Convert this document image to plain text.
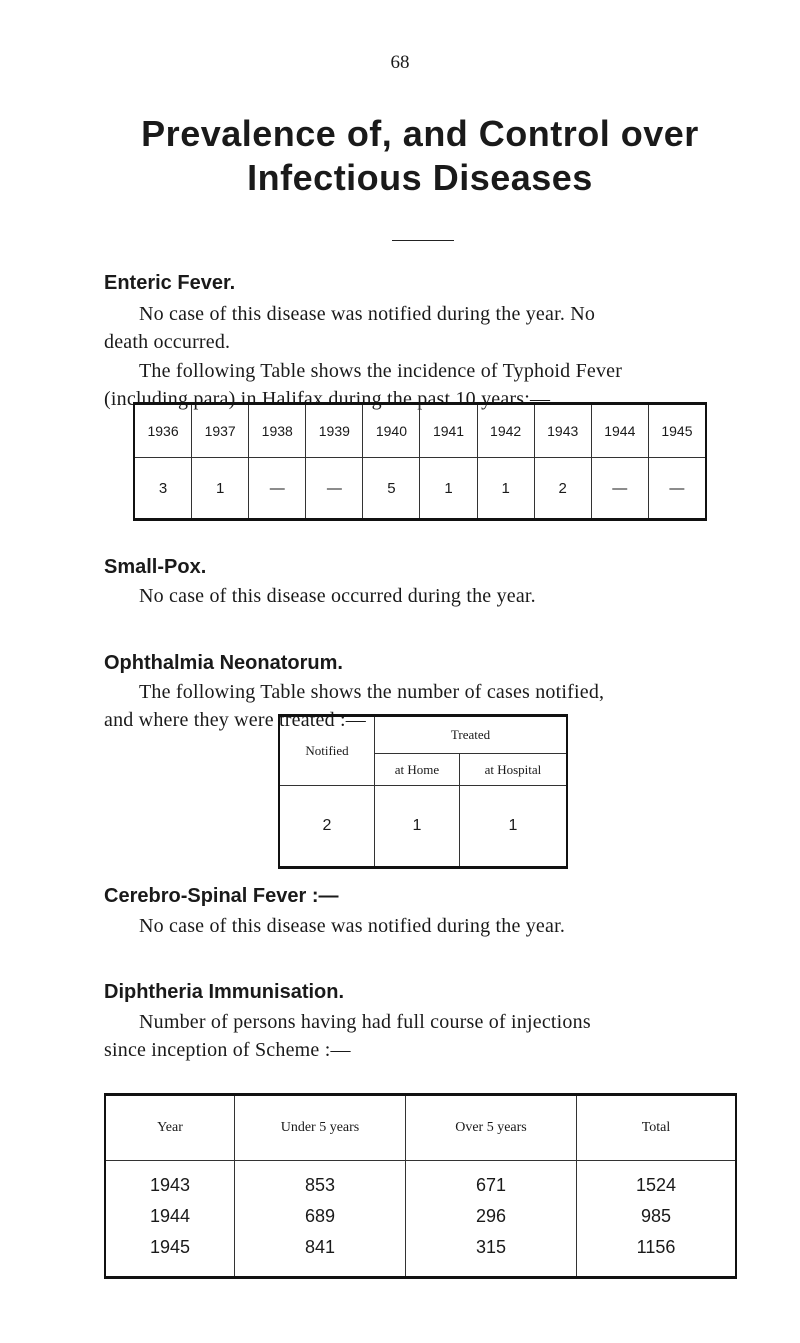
68
Prevalence of, and Control over
Infectious Diseases
Enteric Fever.
No case of this disease was notified during the year. No
death occurred.
The following Table shows the incidence of Typhoid Fever
(including para) in Halifax during the past 10 years:—
1936	1937	1938	1939	1940	1941	1942	1943	1944	1945
3	1	—	—	5	1	1	2	—	—
Small-Pox.
No case of this disease occurred during the year.
Ophthalmia Neonatorum.
The following Table shows the number of cases notified,
and where they were treated :—
Notified	Treated	
	at Home	at Hospital
2	1	1
Cerebro-Spinal Fever :—
No case of this disease was notified during the year.
Diphtheria Immunisation.
Number of persons having had full course of injections
since inception of Scheme :—
Year	Under 5 years	Over 5 years	Total
1943	853	671	1524
1944	689	296	985
1945	841	315	1156
